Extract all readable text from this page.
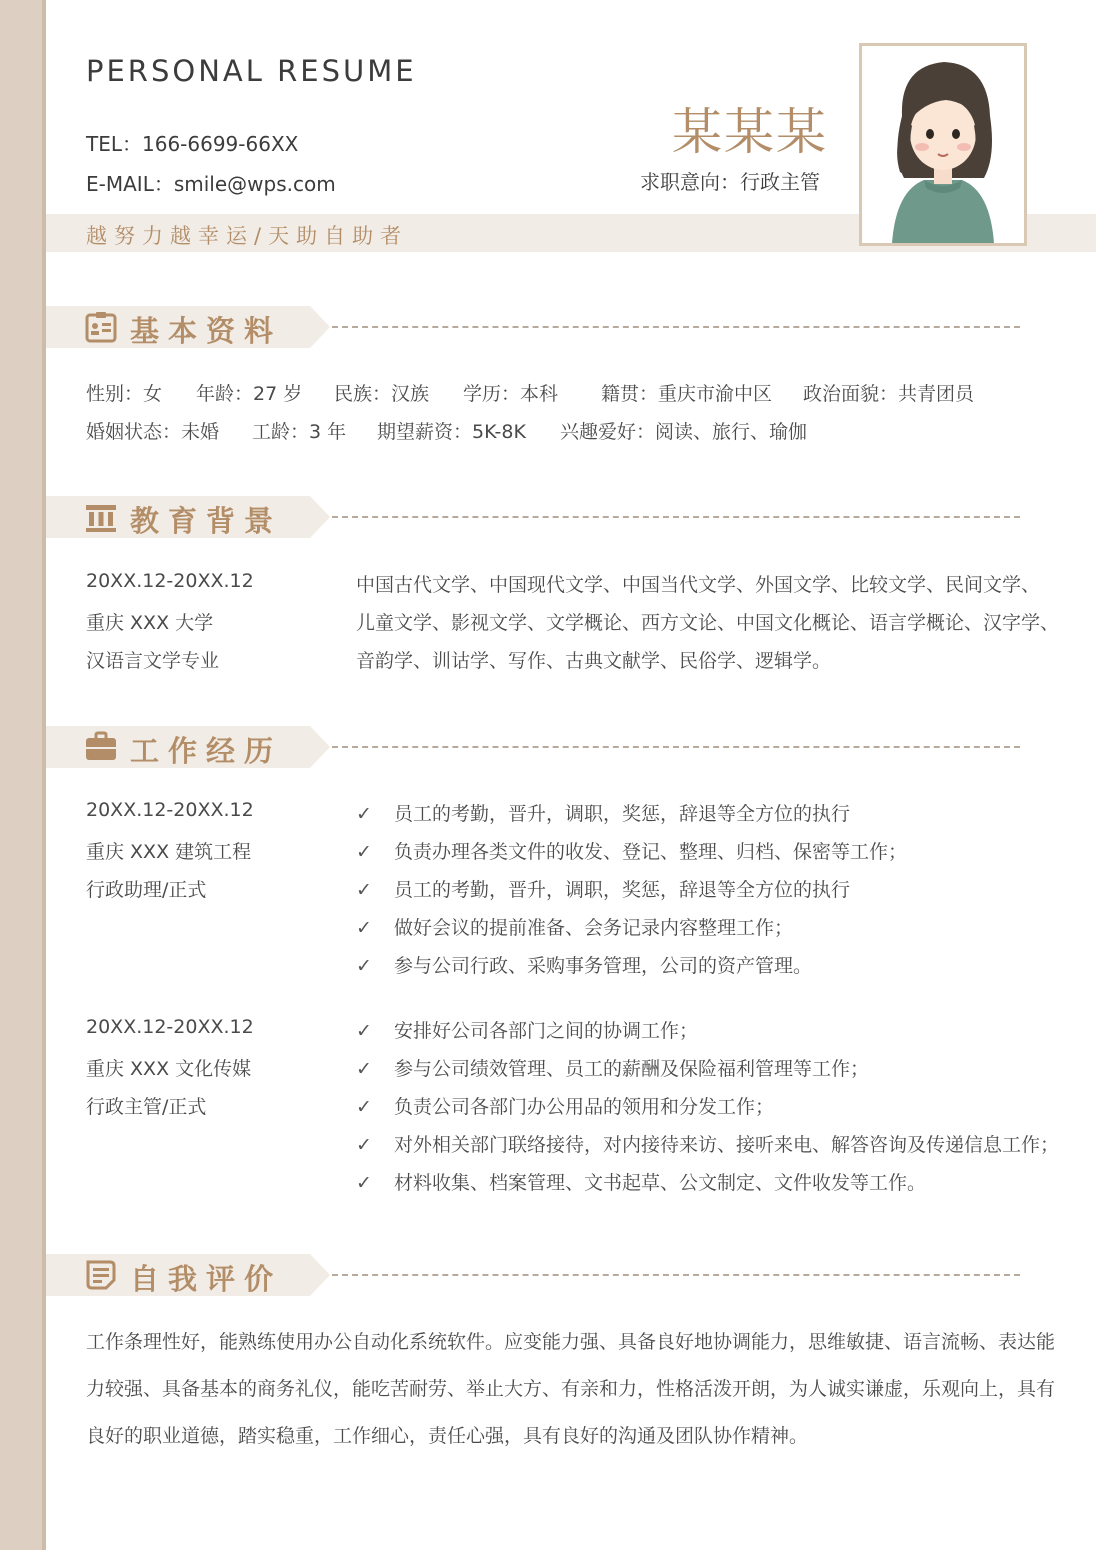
PERSONAL RESUME
TEL：166-6699-66XX
E-MAIL：smile@wps.com
某某某
求职意向：行政主管
越努力越幸运/天助自助者
基本资料
性别：女 年龄：27 岁 民族：汉族 学历：本科 籍贯：重庆市渝中区 政治面貌：共青团员
婚姻状态：未婚 工龄：3 年 期望薪资：5K-8K 兴趣爱好：阅读、旅行、瑜伽
教育背景
20XX.12-20XX.12
重庆 XXX 大学
汉语言文学专业
中国古代文学、中国现代文学、中国当代文学、外国文学、比较文学、民间文学、
儿童文学、影视文学、文学概论、西方文论、中国文化概论、语言学概论、汉字学、
音韵学、训诂学、写作、古典文献学、民俗学、逻辑学。
工作经历
20XX.12-20XX.12
重庆 XXX 建筑工程
行政助理/正式
✓ 员工的考勤，晋升，调职，奖惩，辞退等全方位的执行
✓ 负责办理各类文件的收发、登记、整理、归档、保密等工作；
✓ 员工的考勤，晋升，调职，奖惩，辞退等全方位的执行
✓ 做好会议的提前准备、会务记录内容整理工作；
✓ 参与公司行政、采购事务管理，公司的资产管理。
20XX.12-20XX.12
重庆 XXX 文化传媒
行政主管/正式
✓ 安排好公司各部门之间的协调工作；
✓ 参与公司绩效管理、员工的薪酬及保险福利管理等工作；
✓ 负责公司各部门办公用品的领用和分发工作；
✓ 对外相关部门联络接待，对内接待来访、接听来电、解答咨询及传递信息工作；
✓ 材料收集、档案管理、文书起草、公文制定、文件收发等工作。
自我评价
工作条理性好，能熟练使用办公自动化系统软件。应变能力强、具备良好地协调能力，思维敏捷、语言流畅、表达能
力较强、具备基本的商务礼仪，能吃苦耐劳、举止大方、有亲和力，性格活泼开朗，为人诚实谦虚，乐观向上，具有
良好的职业道德，踏实稳重，工作细心，责任心强，具有良好的沟通及团队协作精神。
